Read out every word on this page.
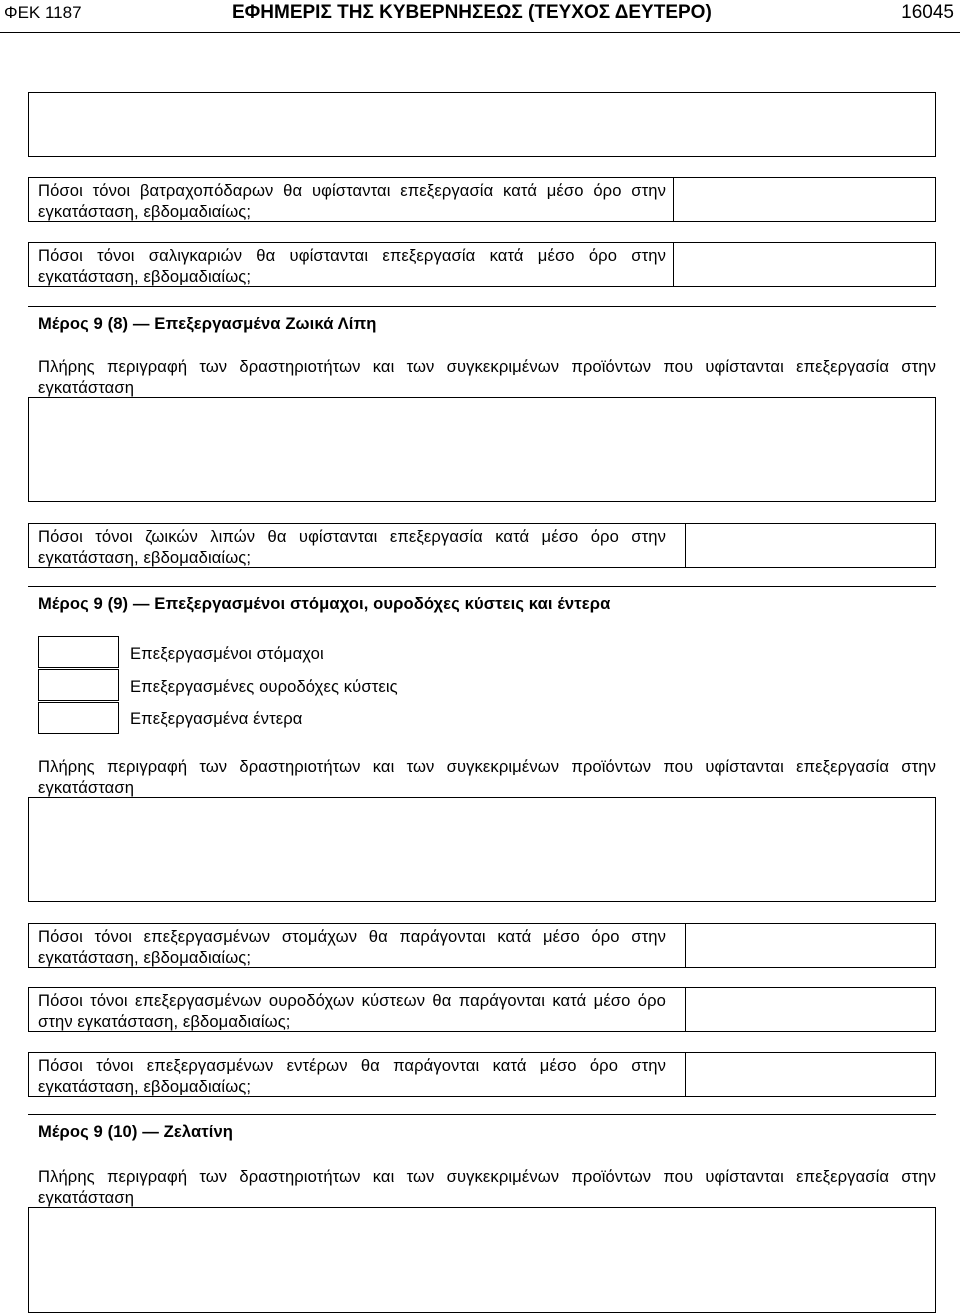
ΦΕΚ 1187	ΕΦΗΜΕΡΙΣ ΤΗΣ ΚΥΒΕΡΝΗΣΕΩΣ (ΤΕΥΧΟΣ ΔΕΥΤΕΡΟ)	16045
Πόσοι τόνοι βατραχοπόδαρων θα υφίστανται επεξεργασία κατά μέσο όρο στην εγκατάσταση, εβδομαδιαίως;
Πόσοι τόνοι σαλιγκαριών θα υφίστανται επεξεργασία κατά μέσο όρο στην εγκατάσταση, εβδομαδιαίως;
Μέρος 9 (8) — Επεξεργασμένα Ζωικά Λίπη
Πλήρης περιγραφή των δραστηριοτήτων και των συγκεκριμένων προϊόντων που υφίστανται επεξεργασία στην εγκατάσταση
Πόσοι τόνοι ζωικών λιπών θα υφίστανται επεξεργασία κατά μέσο όρο στην εγκατάσταση, εβδομαδιαίως;
Μέρος 9 (9) — Επεξεργασμένοι στόμαχοι, ουροδόχες κύστεις και έντερα
Επεξεργασμένοι στόμαχοι
Επεξεργασμένες ουροδόχες κύστεις
Επεξεργασμένα έντερα
Πλήρης περιγραφή των δραστηριοτήτων και των συγκεκριμένων προϊόντων που υφίστανται επεξεργασία στην εγκατάσταση
Πόσοι τόνοι επεξεργασμένων στομάχων θα παράγονται κατά μέσο όρο στην εγκατάσταση, εβδομαδιαίως;
Πόσοι τόνοι επεξεργασμένων ουροδόχων κύστεων θα παράγονται κατά μέσο όρο στην εγκατάσταση, εβδομαδιαίως;
Πόσοι τόνοι επεξεργασμένων εντέρων θα παράγονται κατά μέσο όρο στην εγκατάσταση, εβδομαδιαίως;
Μέρος 9 (10) — Ζελατίνη
Πλήρης περιγραφή των δραστηριοτήτων και των συγκεκριμένων προϊόντων που υφίστανται επεξεργασία στην εγκατάσταση
